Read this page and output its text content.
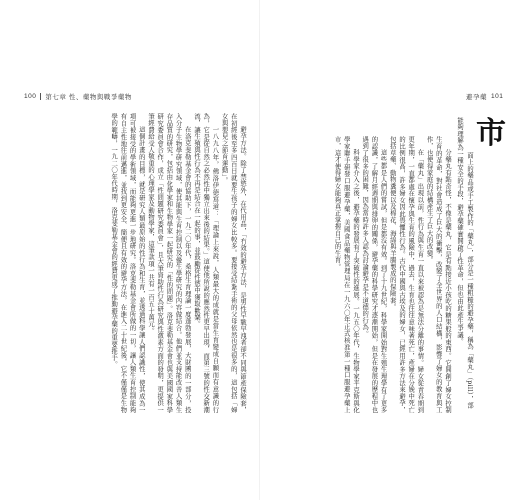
100 第七章 性、藥物與戰爭藥物

避孕方法。除了禁慾外，在代用品，「冇效的避孕方法，是男性早戰早洩者卻不同與節產保險套，在初經後至多四百日就要生孩子的婦女比較多。要接受結紮手術的父母依然也是很多的，這包括「婦女與嬰兒之節育運動」。

一八九八年，佛洛伊德寫道：「理論上來說，人類最大的成就是當生育變成自願而有意識的行為，它是從自然之必然性中獨立出來後的結果。」這使他所說的應然性更早出現，而第三號的性交新潮流，讓生殖與性行為不再是結合在一起的事，並鼓勵從性慾中獲取歡樂。

在洛克斐勒基金會的協助下，一九二〇年代，桑格生育理論一度蓬勃發展，大財團的一部分，投入分子生物學研究領域，使其能與生育控制以及優生學研究的內容做結合。他們並支持能改善人類生存品質的研究，包括由化學家和生物學家一起研究的「性的問題」。洛克斐勒基金會也與美國國家科學研究委員會合作，成立「性問題研究委員會」，且大筆資助性行為研究與性激素方面的發明，更提供一筆經費給受人敬重的心理學家及動物學家，這筆款項一共有一百五十萬元。

這個計畫的目標，就是研究人類最原始的性行為和生育，並透過科學讓人們認識性，使其成為一項可被接受的學術領域，而能夠更進一步地研究。洛克斐勒基金會所做的一切，讓人類生育控制能夠有自主性地往前邁進，並找到更安全、簡便且有效的避孕方法，在進入二十世紀後，它不僅僅是生物學的範疇，一九二〇年代時期，洛克斐勒基金會的經費更成了推動避孕藥的重要推手。

避孕藥 101
市
面上的藥品或手工製作的「藥丸」，部分是一種粗糙的避孕藥，稱為「藥丸」（pill），部
能夠理解為一種安全的手段，避孕藥確實開啟了性革命，但也由此產生爭議。

分藥丸有點奇怪，不像是藥丸，它是有點接近小孩吃的糖果般的東西。它開創了婦女控制生育的革命，對社會造成了巨大的衝擊，改變了全世界的人口結構，影響了婦女的教育與工作，也使得家庭的結構產生了巨大的改變。

在「藥丸」出現以前，性行為與生育一直以來被認為是無法分離的事情。婦女從青春期到更年期，一直都處在懷孕與生育的風險中，過去，生育也往往意味著死亡，產婦在分娩中死亡的比例很高，許多婦女因此畏懼性行為。古代中國與古埃及的婦女，已經用許多方法來避孕，包括草藥、動物糞便以及棉花、海綿與羊腸製成的保險套。

這些都是人們的嘗試，但是都沒有效。到了十九世紀，科學家開始對生殖生理學有了更多的認識，了解月經週期與排卵的關係，避孕藥的科學研究才逐漸開始，但是在發展的歷程中也遇到了很多的困難，因為當時許多人認為討論避孕是不道德的行為。

科學家介入之後，避孕藥的發展有了突破性的進展。一九五〇年代，生物學家平克斯與化學家聯手研發口服避孕藥，美國食品藥物管理局在一九六〇年正式核准第一種口服避孕藥上市，這才使得婦女能夠真正掌握自己的生育。
